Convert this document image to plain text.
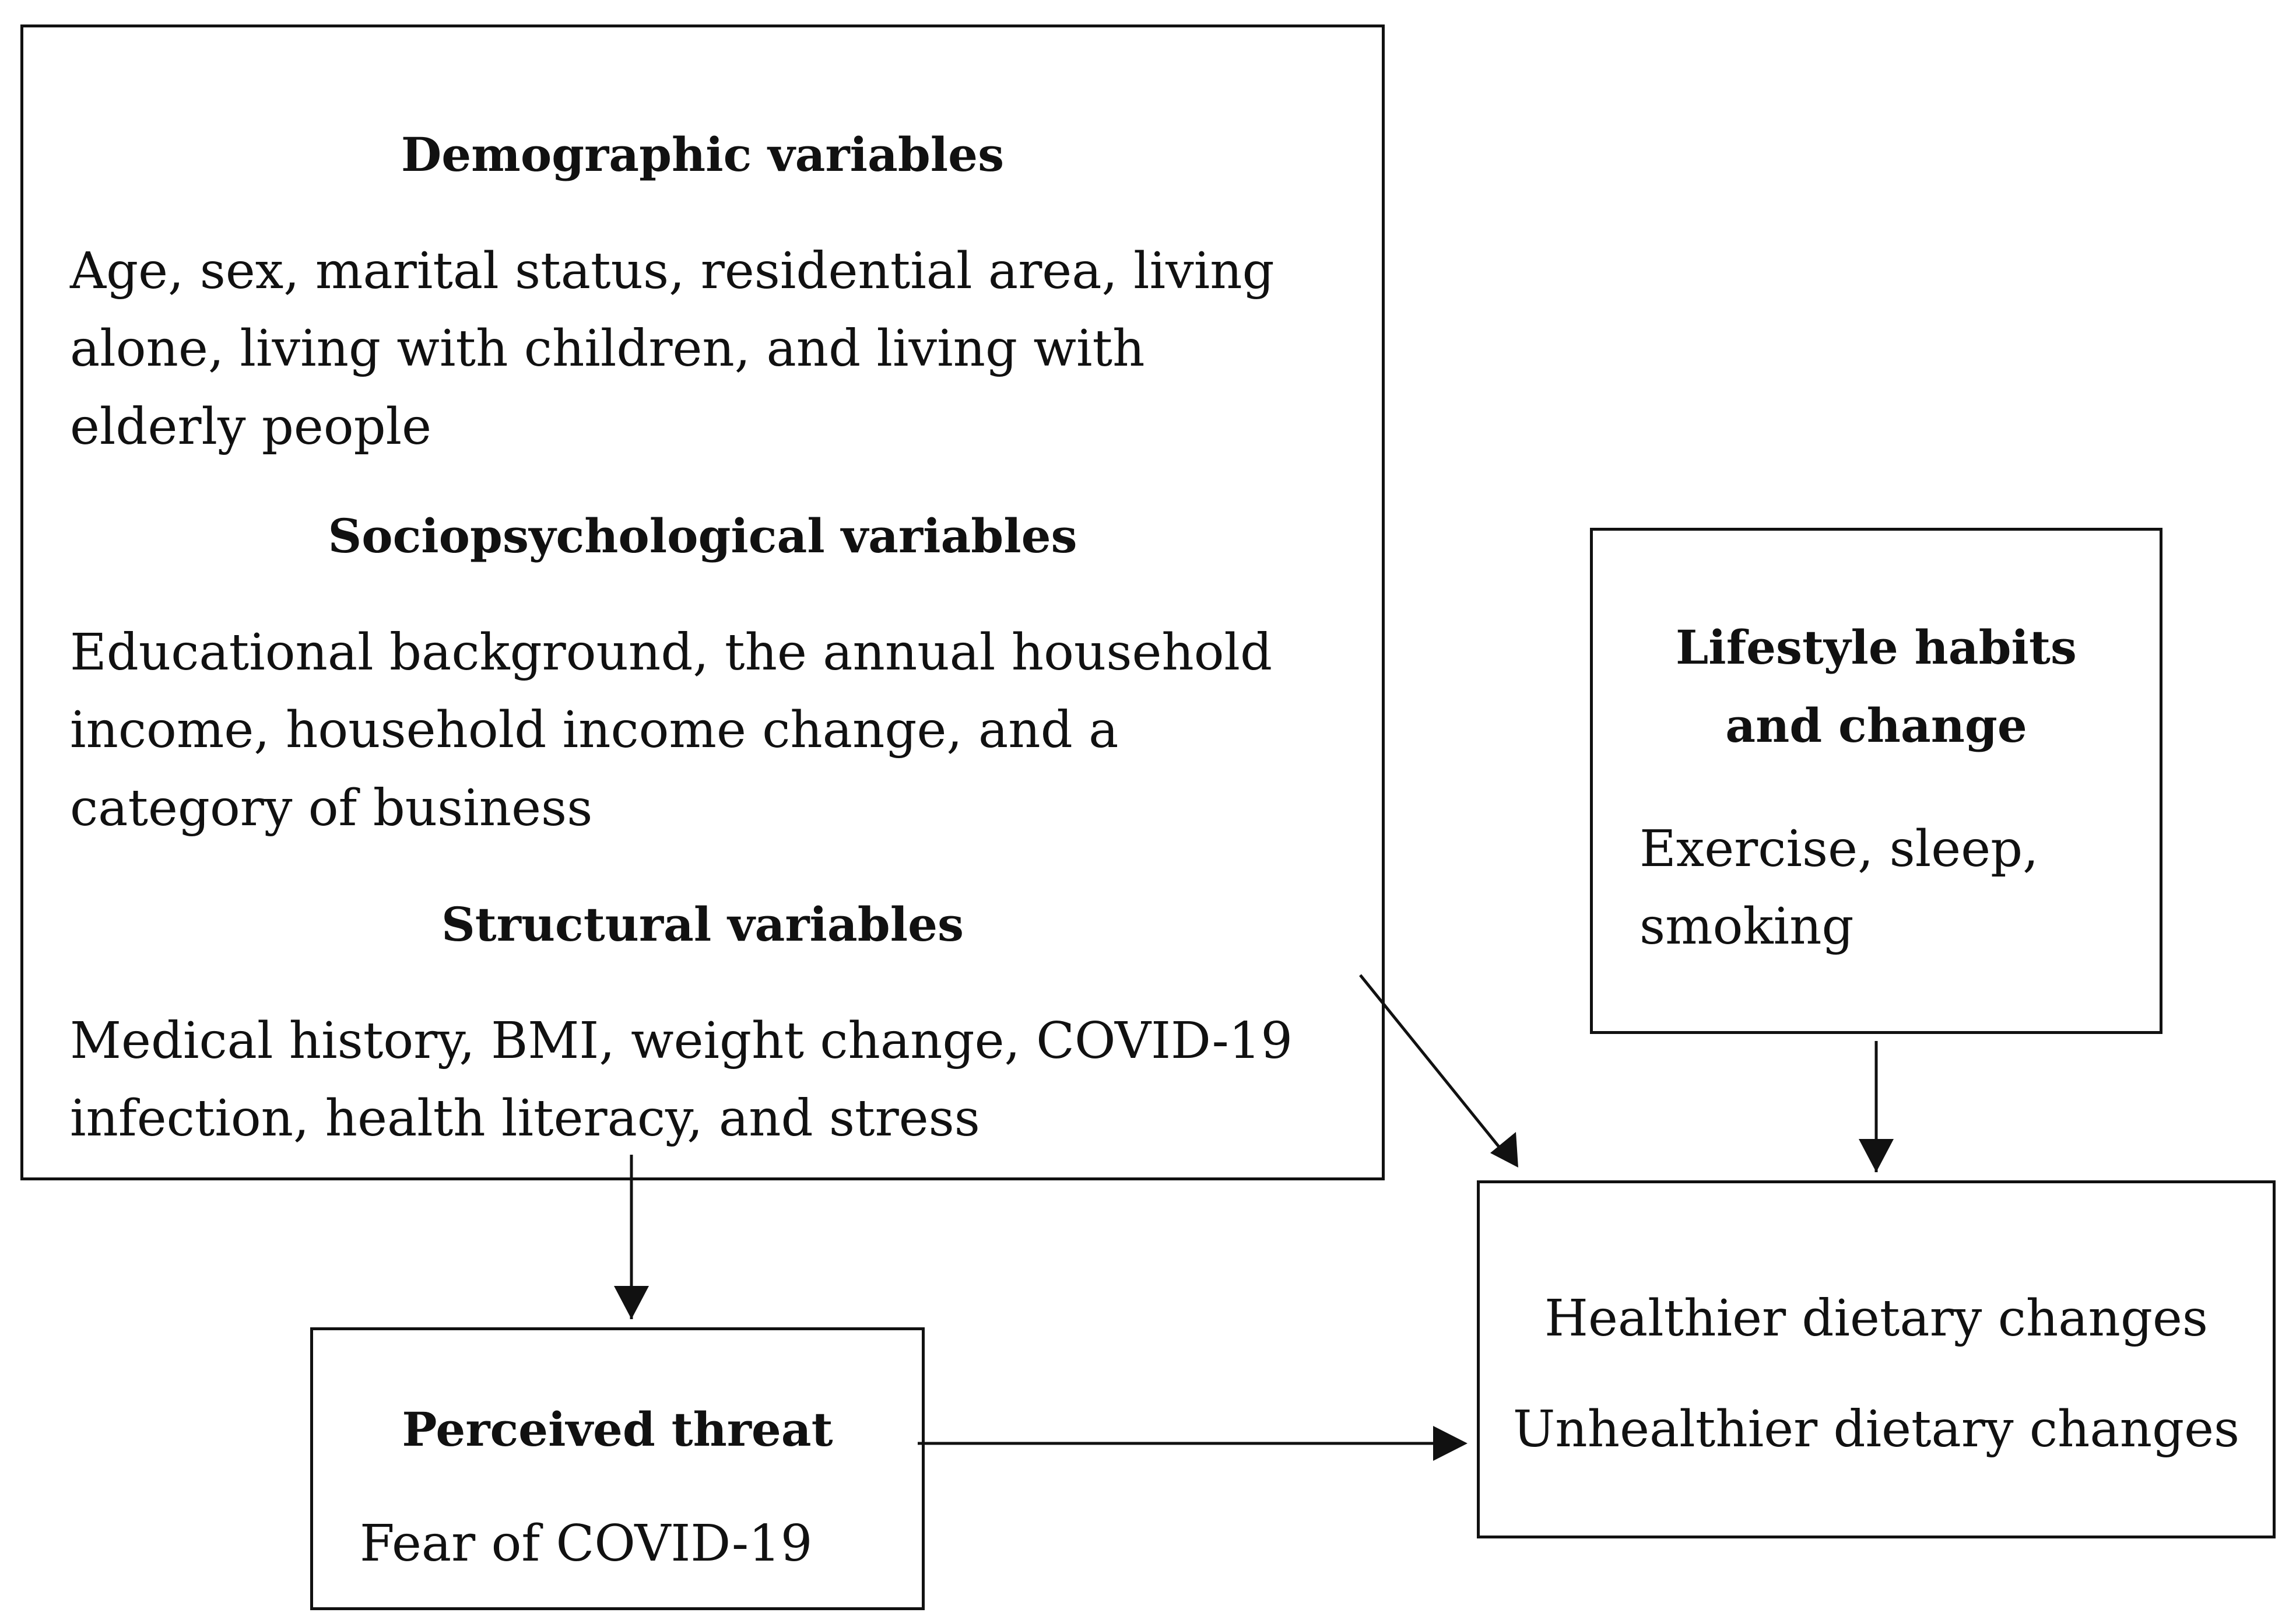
Demographic variables
Age, sex, marital status, residential area, living
alone, living with children, and living with
elderly people
Sociopsychological variables
Educational background, the annual household
income, household income change, and a
category of business
Structural variables
Medical history, BMI, weight change, COVID-19
infection, health literacy, and stress
Lifestyle habits
and change
Exercise, sleep,
smoking
Healthier dietary changes
Unhealthier dietary changes
Perceived threat
Fear of COVID-19
